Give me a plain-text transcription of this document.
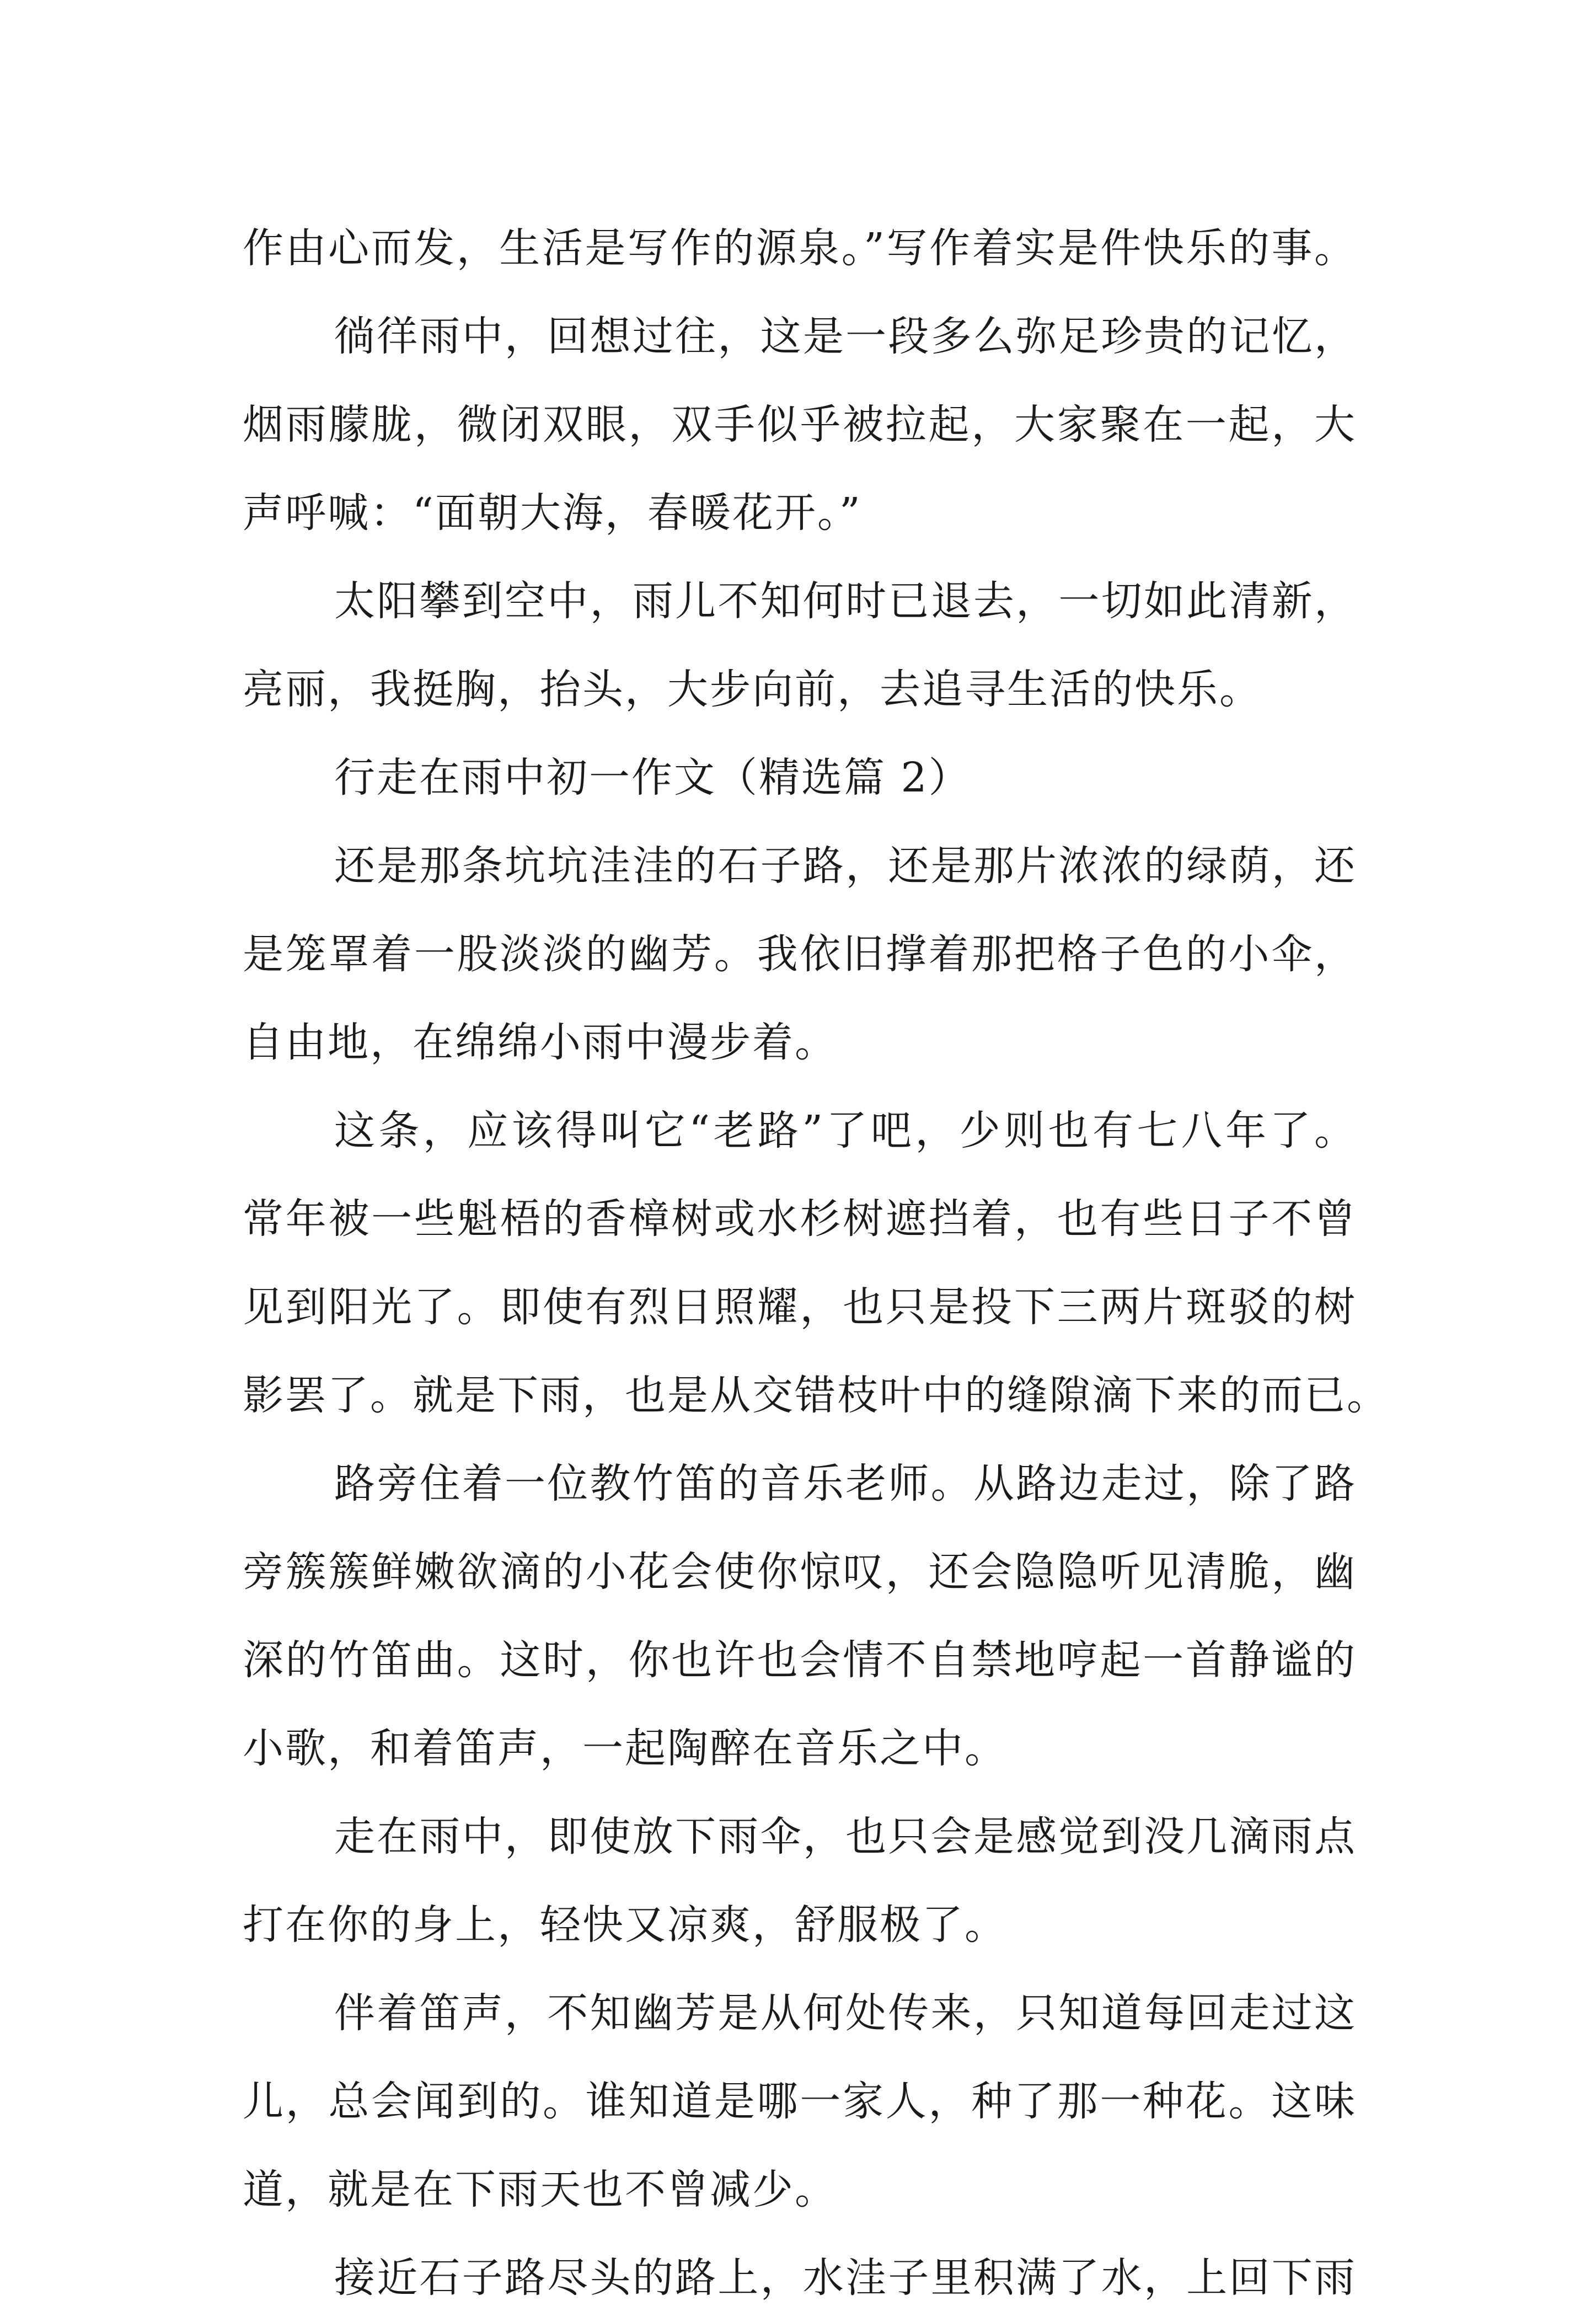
作由心而发，生活是写作的源泉。”写作着实是件快乐的事。
徜徉雨中，回想过往，这是一段多么弥足珍贵的记忆，
烟雨朦胧，微闭双眼，双手似乎被拉起，大家聚在一起，大
声呼喊：“面朝大海，春暖花开。”
太阳攀到空中，雨儿不知何时已退去，一切如此清新，
亮丽，我挺胸，抬头，大步向前，去追寻生活的快乐。
行走在雨中初一作文（精选篇 2）
还是那条坑坑洼洼的石子路，还是那片浓浓的绿荫，还
是笼罩着一股淡淡的幽芳。我依旧撑着那把格子色的小伞，
自由地，在绵绵小雨中漫步着。
这条，应该得叫它“老路”了吧，少则也有七八年了。
常年被一些魁梧的香樟树或水杉树遮挡着，也有些日子不曾
见到阳光了。即使有烈日照耀，也只是投下三两片斑驳的树
影罢了。就是下雨，也是从交错枝叶中的缝隙滴下来的而已。
路旁住着一位教竹笛的音乐老师。从路边走过，除了路
旁簇簇鲜嫩欲滴的小花会使你惊叹，还会隐隐听见清脆，幽
深的竹笛曲。这时，你也许也会情不自禁地哼起一首静谧的
小歌，和着笛声，一起陶醉在音乐之中。
走在雨中，即使放下雨伞，也只会是感觉到没几滴雨点
打在你的身上，轻快又凉爽，舒服极了。
伴着笛声，不知幽芳是从何处传来，只知道每回走过这
儿，总会闻到的。谁知道是哪一家人，种了那一种花。这味
道，就是在下雨天也不曾减少。
接近石子路尽头的路上，水洼子里积满了水，上回下雨
